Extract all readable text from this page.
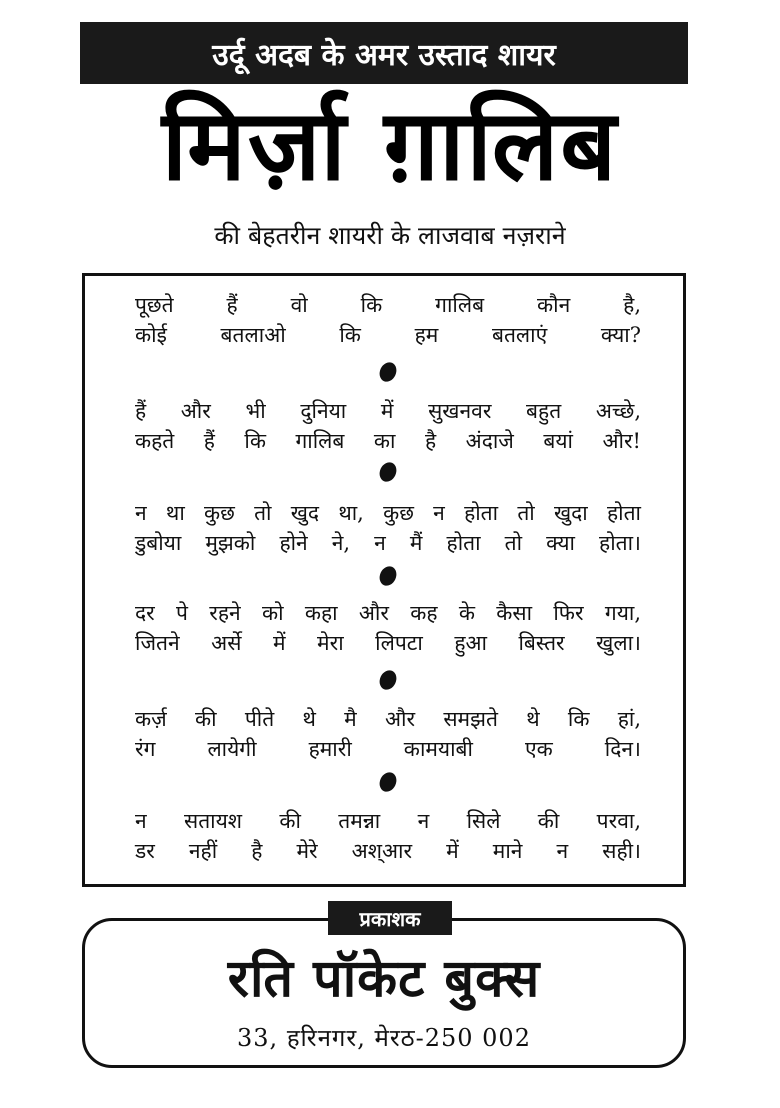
उर्दू अदब के अमर उस्ताद शायर
मिर्ज़ा ग़ालिब
की बेहतरीन शायरी के लाजवाब नज़राने
पूछते हैं वो कि गालिब कौन है,
कोई बतलाओ कि हम बतलाएं क्या?
हैं और भी दुनिया में सुखनवर बहुत अच्छे,
कहते हैं कि गालिब का है अंदाजे बयां और!
न था कुछ तो खुद था, कुछ न होता तो खुदा होता
डुबोया मुझको होने ने, न मैं होता तो क्या होता।
दर पे रहने को कहा और कह के कैसा फिर गया,
जितने अर्से में मेरा लिपटा हुआ बिस्तर खुला।
कर्ज़ की पीते थे मै और समझते थे कि हां,
रंग लायेगी हमारी कामयाबी एक दिन।
न सतायश की तमन्ना न सिले की परवा,
डर नहीं है मेरे अश्आर में माने न सही।
रति पॉकेट बुक्स
33, हरिनगर, मेरठ-250 002
प्रकाशक
